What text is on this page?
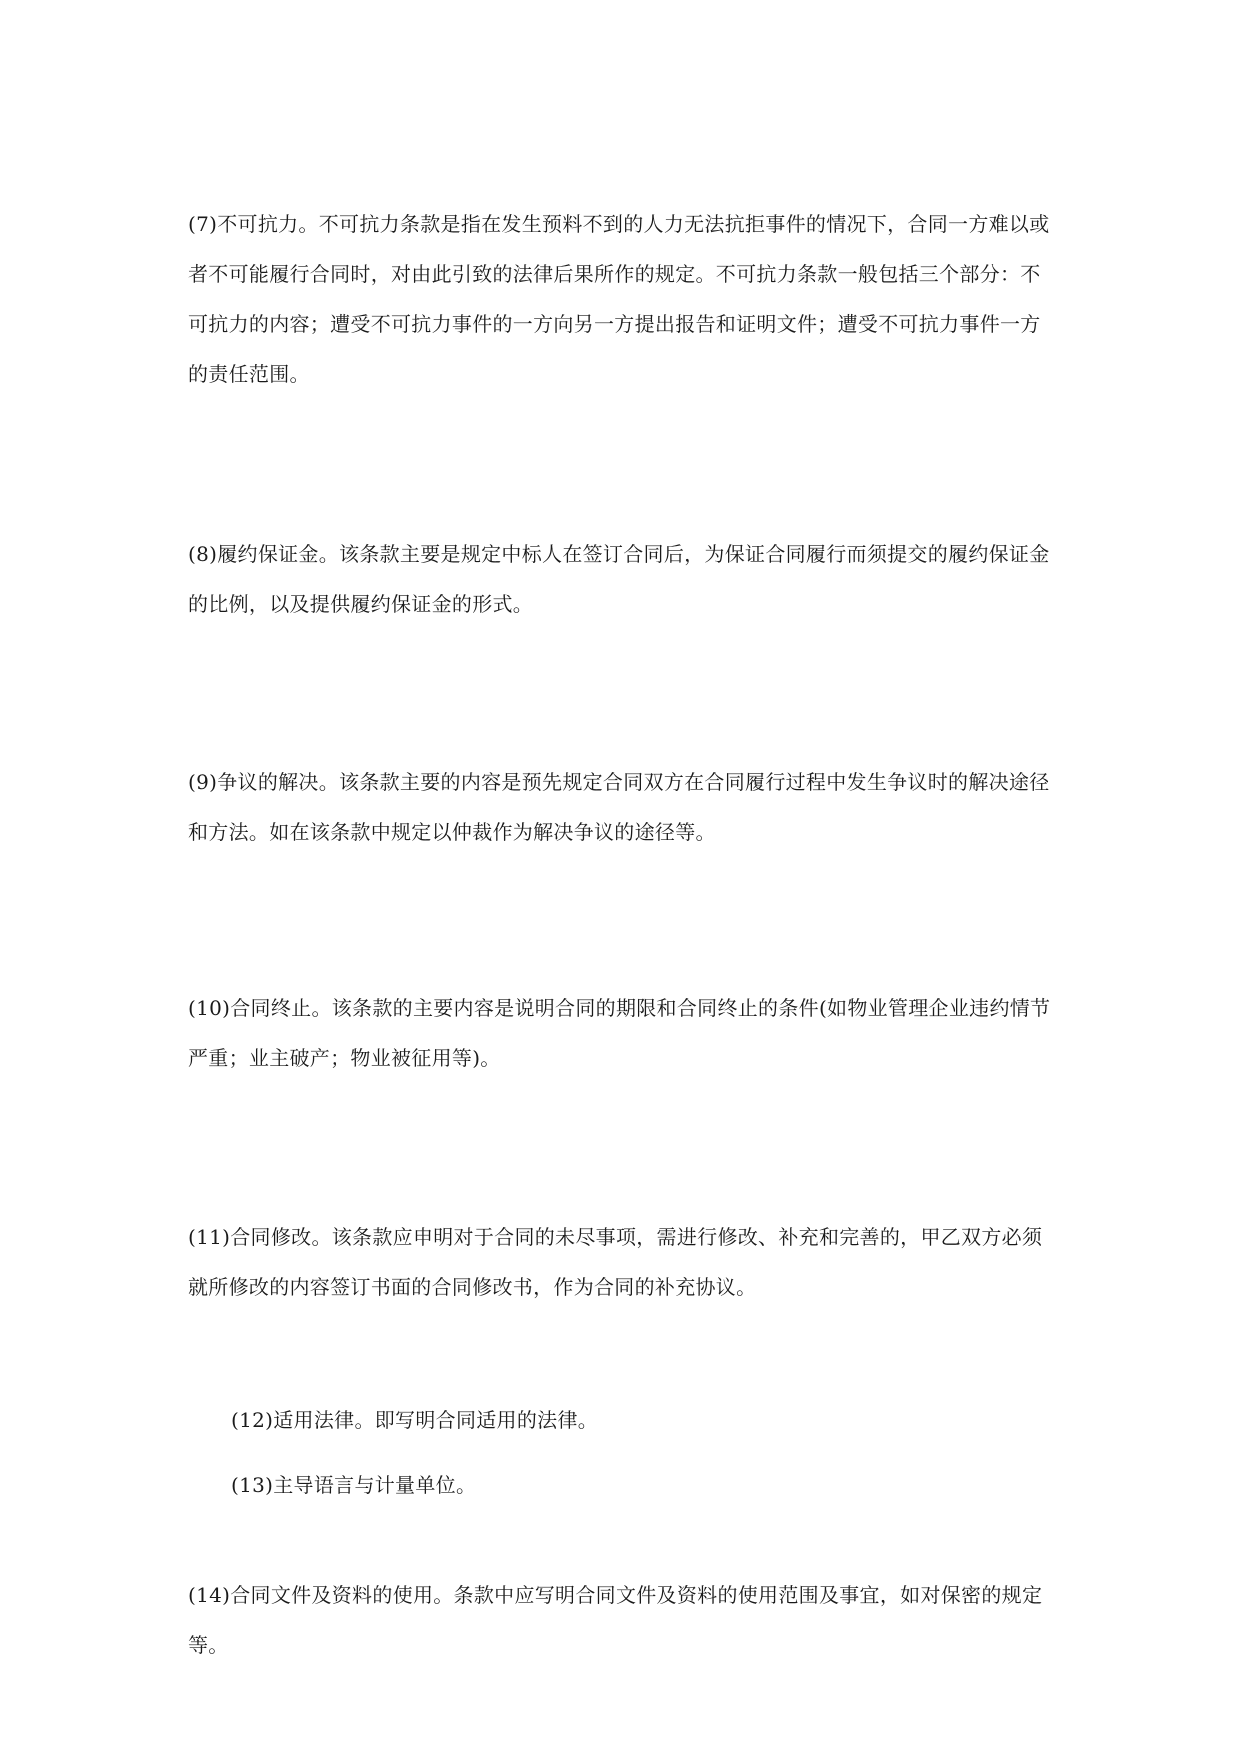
(7)不可抗力。不可抗力条款是指在发生预料不到的人力无法抗拒事件的情况下，合同一方难以或者不可能履行合同时，对由此引致的法律后果所作的规定。不可抗力条款一般包括三个部分：不可抗力的内容；遭受不可抗力事件的一方向另一方提出报告和证明文件；遭受不可抗力事件一方的责任范围。

(8)履约保证金。该条款主要是规定中标人在签订合同后，为保证合同履行而须提交的履约保证金的比例，以及提供履约保证金的形式。

(9)争议的解决。该条款主要的内容是预先规定合同双方在合同履行过程中发生争议时的解决途径和方法。如在该条款中规定以仲裁作为解决争议的途径等。

(10)合同终止。该条款的主要内容是说明合同的期限和合同终止的条件(如物业管理企业违约情节严重；业主破产；物业被征用等)。

(11)合同修改。该条款应申明对于合同的未尽事项，需进行修改、补充和完善的，甲乙双方必须就所修改的内容签订书面的合同修改书，作为合同的补充协议。

(12)适用法律。即写明合同适用的法律。

(13)主导语言与计量单位。

(14)合同文件及资料的使用。条款中应写明合同文件及资料的使用范围及事宜，如对保密的规定等。
